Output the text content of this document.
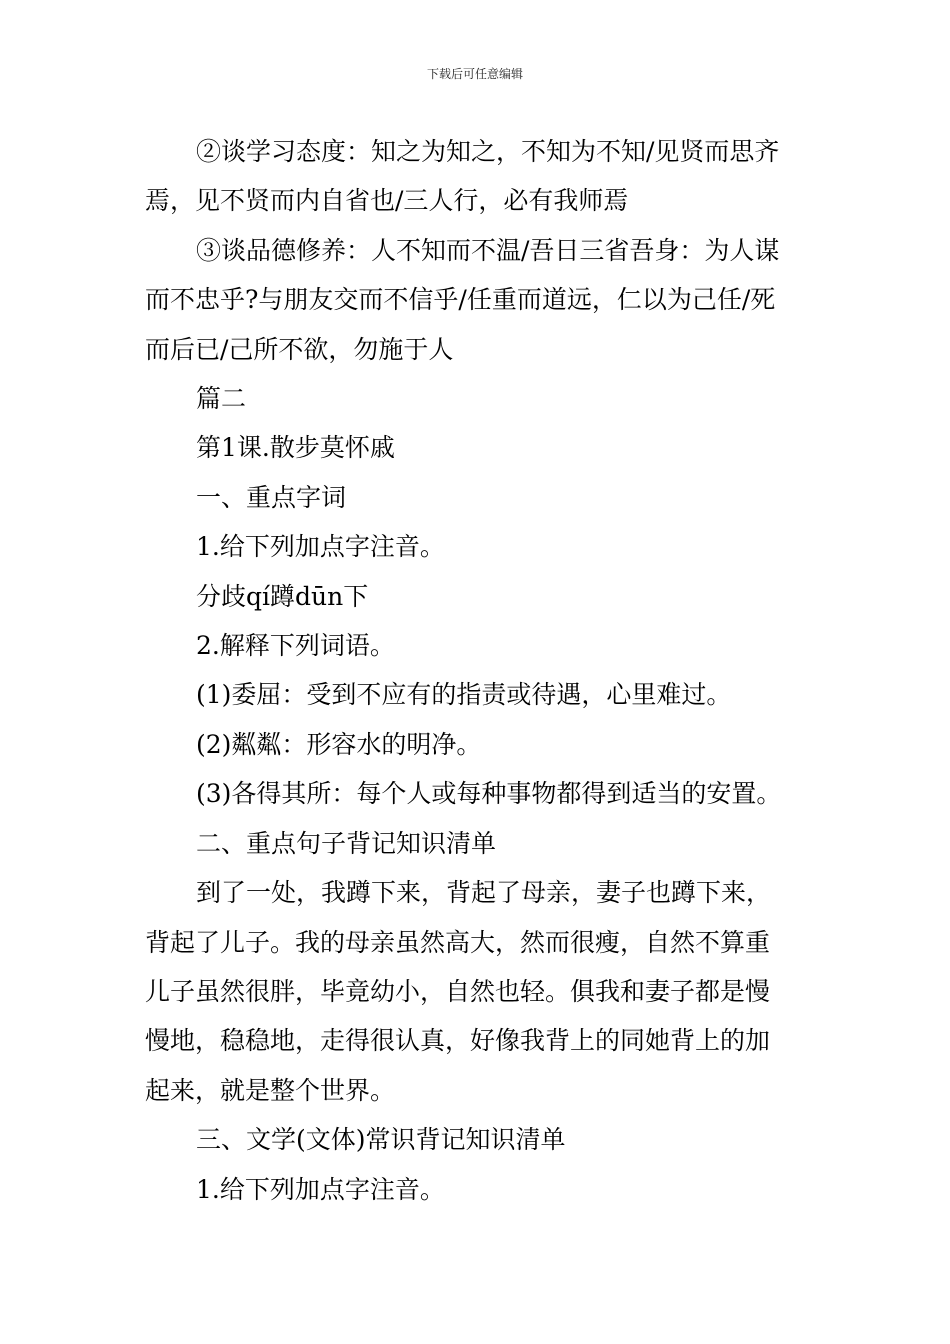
下载后可任意编辑

②谈学习态度：知之为知之，不知为不知/见贤而思齐

焉，见不贤而内自省也/三人行，必有我师焉

③谈品德修养：人不知而不温/吾日三省吾身：为人谋

而不忠乎?与朋友交而不信乎/任重而道远，仁以为己任/死

而后已/己所不欲，勿施于人

篇二

第1课.散步莫怀戚

一、重点字词

1.给下列加点字注音。

分歧qí蹲dūn下

2.解释下列词语。

(1)委屈：受到不应有的指责或待遇，心里难过。

(2)粼粼：形容水的明净。

(3)各得其所：每个人或每种事物都得到适当的安置。

二、重点句子背记知识清单

到了一处，我蹲下来，背起了母亲，妻子也蹲下来，

背起了儿子。我的母亲虽然高大，然而很瘦，自然不算重

儿子虽然很胖，毕竟幼小，自然也轻。俱我和妻子都是慢

慢地，稳稳地，走得很认真，好像我背上的同她背上的加

起来，就是整个世界。

三、文学(文体)常识背记知识清单

1.给下列加点字注音。
